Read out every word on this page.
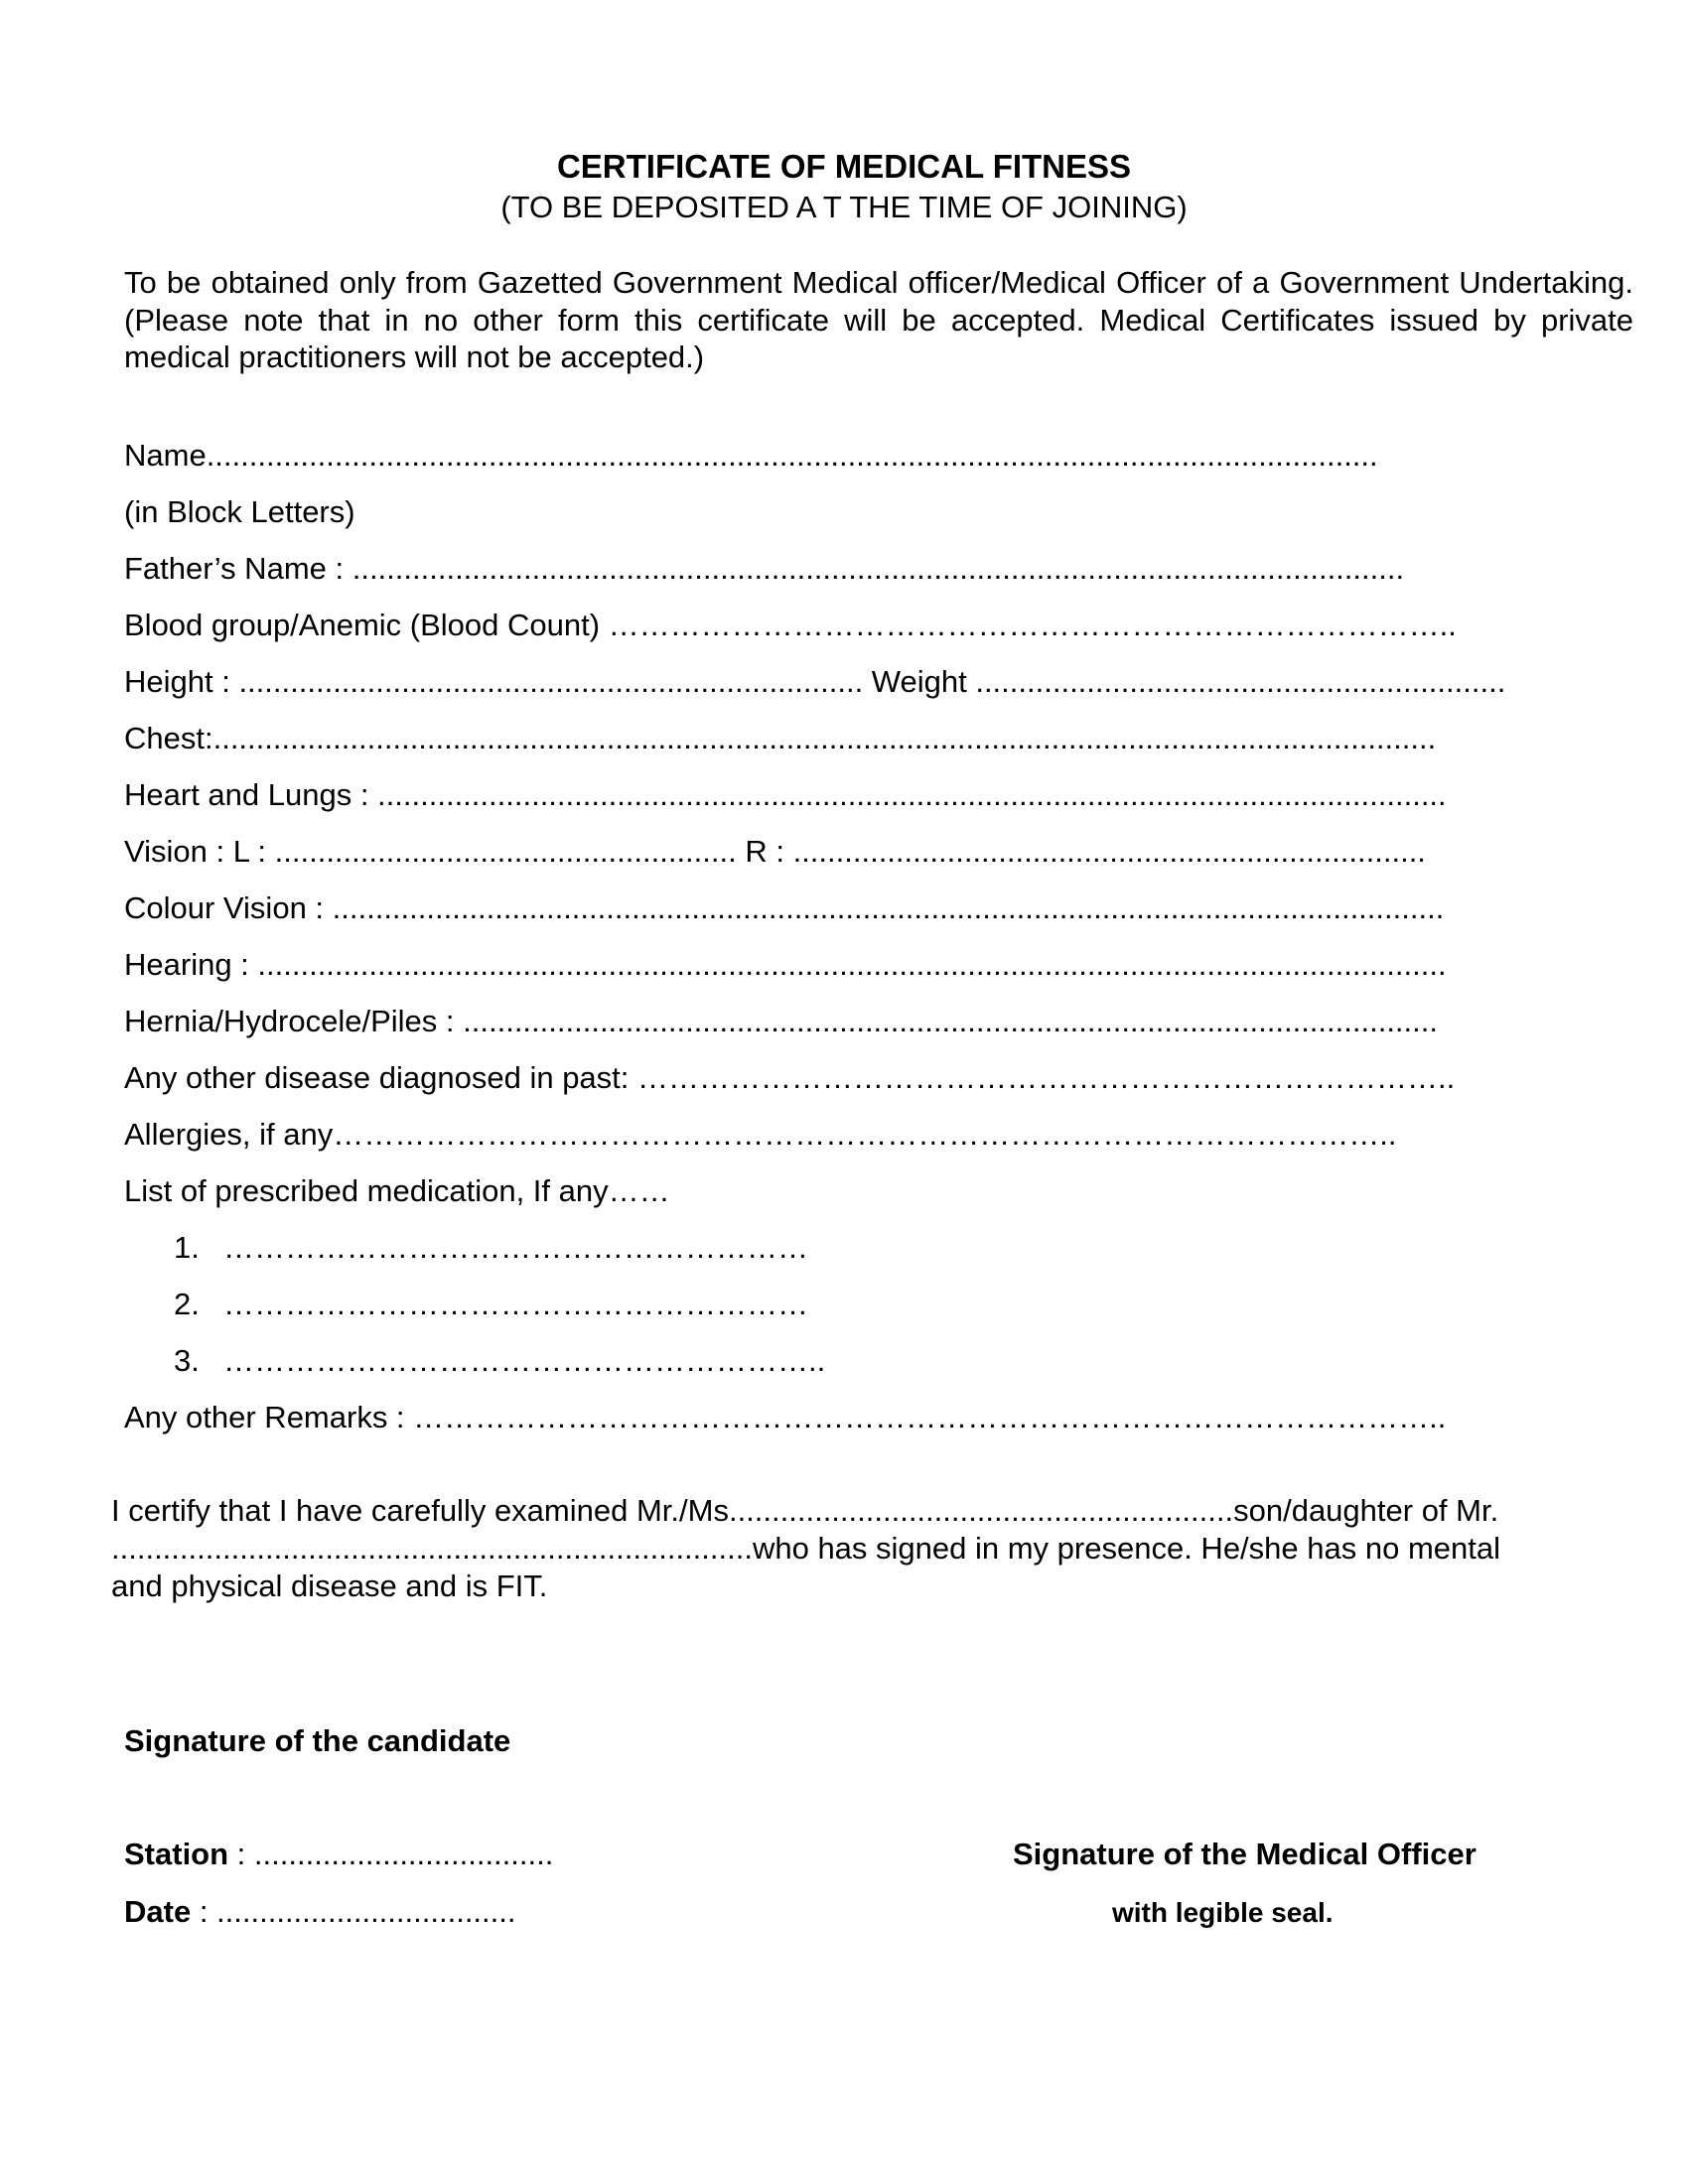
CERTIFICATE OF MEDICAL FITNESS
(TO BE DEPOSITED A T THE TIME OF JOINING)
To be obtained only from Gazetted Government Medical officer/Medical Officer of a Government Undertaking. (Please note that in no other form this certificate will be accepted. Medical Certificates issued by private medical practitioners will not be accepted.)
Name.........................................................................................................................................
(in Block Letters)
Father’s Name : ...........................................................................................................................
Blood group/Anemic (Blood Count) ………………………………………………………………………..
Height : ......................................................................... Weight ..............................................................
Chest:...............................................................................................................................................
Heart and Lungs : .............................................................................................................................
Vision : L : ...................................................... R : ..........................................................................
Colour Vision : ..................................................................................................................................
Hearing : ...........................................................................................................................................
Hernia/Hydrocele/Piles : ..................................................................................................................
Any other disease diagnosed in past: ……………………………………………………………………..
Allergies, if any…………………………………………………………………………………………..
List of prescribed medication, If any……
1. …………………………………………………
2. …………………………………………………
3. …………………………………………………..
Any other Remarks : ………………………………………………………………………………………..
I certify that I have carefully examined Mr./Ms...........................................................son/daughter of Mr.
...........................................................................who has signed in my presence. He/she has no mental
and physical disease and is FIT.
Signature of the candidate
Station : ...................................
Date : ...................................
Signature of the Medical Officer
with legible seal.
